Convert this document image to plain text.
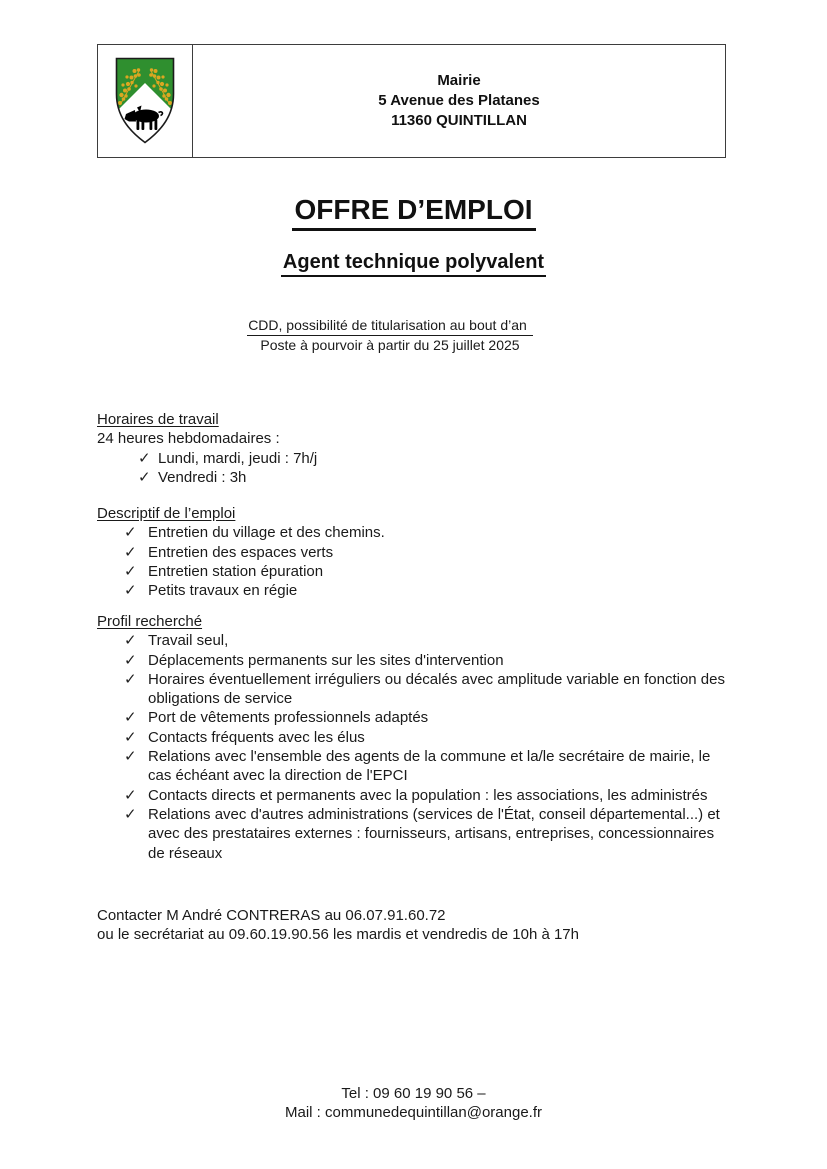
Mairie
5 Avenue des Platanes
11360 QUINTILLAN
OFFRE D’EMPLOI
Agent technique polyvalent
CDD, possibilité de titularisation au bout d’an
Poste à pourvoir à partir du 25 juillet 2025
Horaires de travail
24 heures hebdomadaires :
✓ Lundi, mardi, jeudi : 7h/j
✓ Vendredi : 3h
Descriptif de l’emploi
✓ Entretien du village et des chemins.
✓ Entretien des espaces verts
✓ Entretien station épuration
✓ Petits travaux en régie
Profil recherché
✓ Travail seul,
✓ Déplacements permanents sur les sites d'intervention
✓ Horaires éventuellement irréguliers ou décalés avec amplitude variable en fonction des obligations de service
✓ Port de vêtements professionnels adaptés
✓ Contacts fréquents avec les élus
✓ Relations avec l'ensemble des agents de la commune et la/le secrétaire de mairie, le cas échéant avec la direction de l'EPCI
✓ Contacts directs et permanents avec la population : les associations, les administrés
✓ Relations avec d'autres administrations (services de l'État, conseil départemental...) et avec des prestataires externes : fournisseurs, artisans, entreprises, concessionnaires de réseaux
Contacter M André CONTRERAS au 06.07.91.60.72
ou le secrétariat au 09.60.19.90.56 les mardis et vendredis de 10h à 17h
Tel : 09 60 19 90 56 –
Mail : communedequintillan@orange.fr
